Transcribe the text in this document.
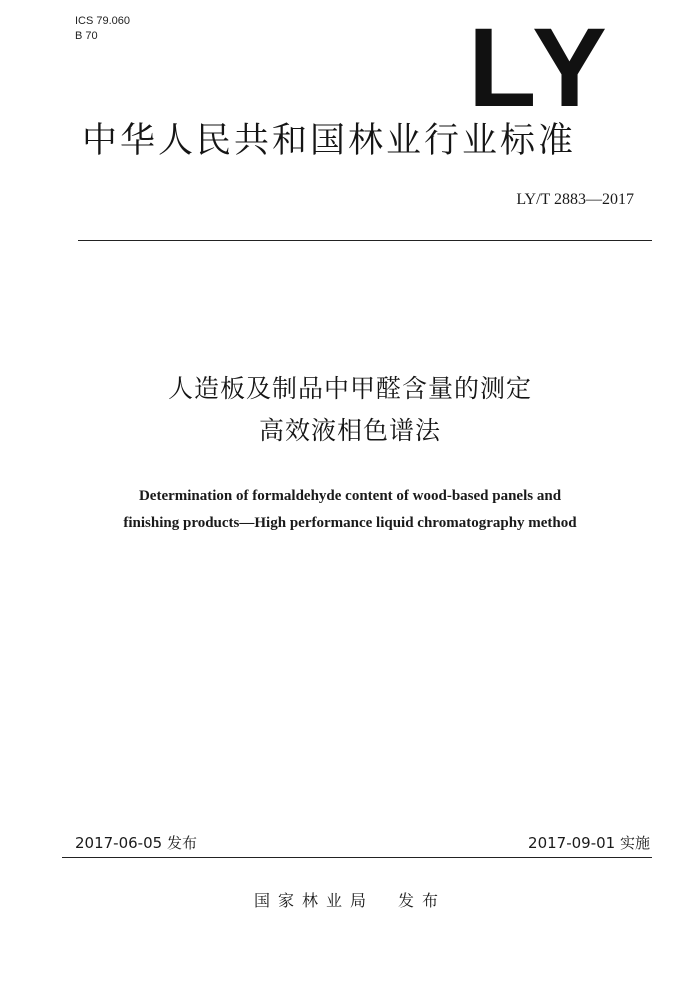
ICS 79.060
B 70	LY
中华人民共和国林业行业标准
LY/T 2883—2017
人造板及制品中甲醛含量的测定
高效液相色谱法
Determination of formaldehyde content of wood-based panels and
finishing products—High performance liquid chromatography method
2017-06-05 发布	2017-09-01 实施
国家林业局 发布
